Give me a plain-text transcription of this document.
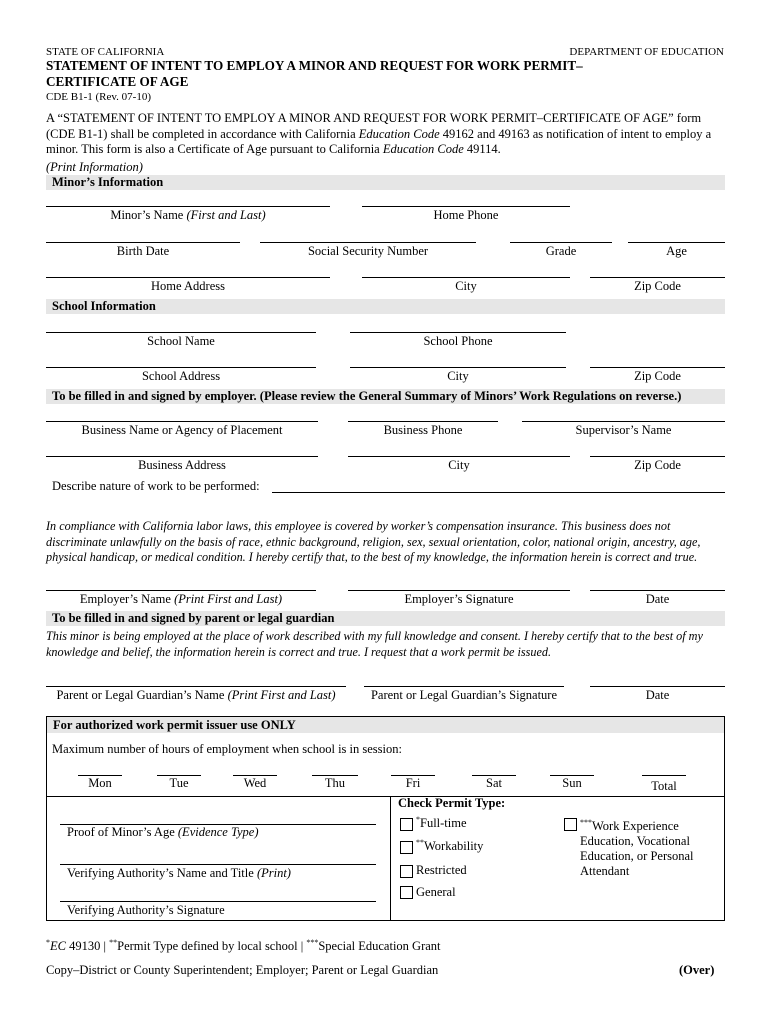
STATE OF CALIFORNIA	DEPARTMENT OF EDUCATION
STATEMENT OF INTENT TO EMPLOY A MINOR AND REQUEST FOR WORK PERMIT–
CERTIFICATE OF AGE
CDE B1-1 (Rev. 07-10)
A “STATEMENT OF INTENT TO EMPLOY A MINOR AND REQUEST FOR WORK PERMIT–CERTIFICATE OF AGE” form (CDE B1-1) shall be completed in accordance with California Education Code 49162 and 49163 as notification of intent to employ a minor. This form is also a Certificate of Age pursuant to California Education Code 49114.
(Print Information)
Minor’s Information
Minor’s Name (First and Last)	Home Phone
Birth Date	Social Security Number	Grade	Age
Home Address	City	Zip Code
School Information
School Name	School Phone
School Address	City	Zip Code
To be filled in and signed by employer. (Please review the General Summary of Minors’ Work Regulations on reverse.)
Business Name or Agency of Placement	Business Phone	Supervisor’s Name
Business Address	City	Zip Code
Describe nature of work to be performed:
In compliance with California labor laws, this employee is covered by worker’s compensation insurance. This business does not discriminate unlawfully on the basis of race, ethnic background, religion, sex, sexual orientation, color, national origin, ancestry, age, physical handicap, or medical condition. I hereby certify that, to the best of my knowledge, the information herein is correct and true.
Employer’s Name (Print First and Last)	Employer’s Signature	Date
To be filled in and signed by parent or legal guardian
This minor is being employed at the place of work described with my full knowledge and consent. I hereby certify that to the best of my knowledge and belief, the information herein is correct and true. I request that a work permit be issued.
Parent or Legal Guardian’s Name (Print First and Last)	Parent or Legal Guardian’s Signature	Date
For authorized work permit issuer use ONLY
Maximum number of hours of employment when school is in session:
Mon	Tue	Wed	Thu	Fri	Sat	Sun	Total
Proof of Minor’s Age (Evidence Type)
Verifying Authority’s Name and Title (Print)
Verifying Authority’s Signature
Check Permit Type:
*Full-time
**Workability
Restricted
General
***Work Experience
Education, Vocational
Education, or Personal
Attendant
*EC 49130 | **Permit Type defined by local school | ***Special Education Grant
Copy–District or County Superintendent; Employer; Parent or Legal Guardian	(Over)
